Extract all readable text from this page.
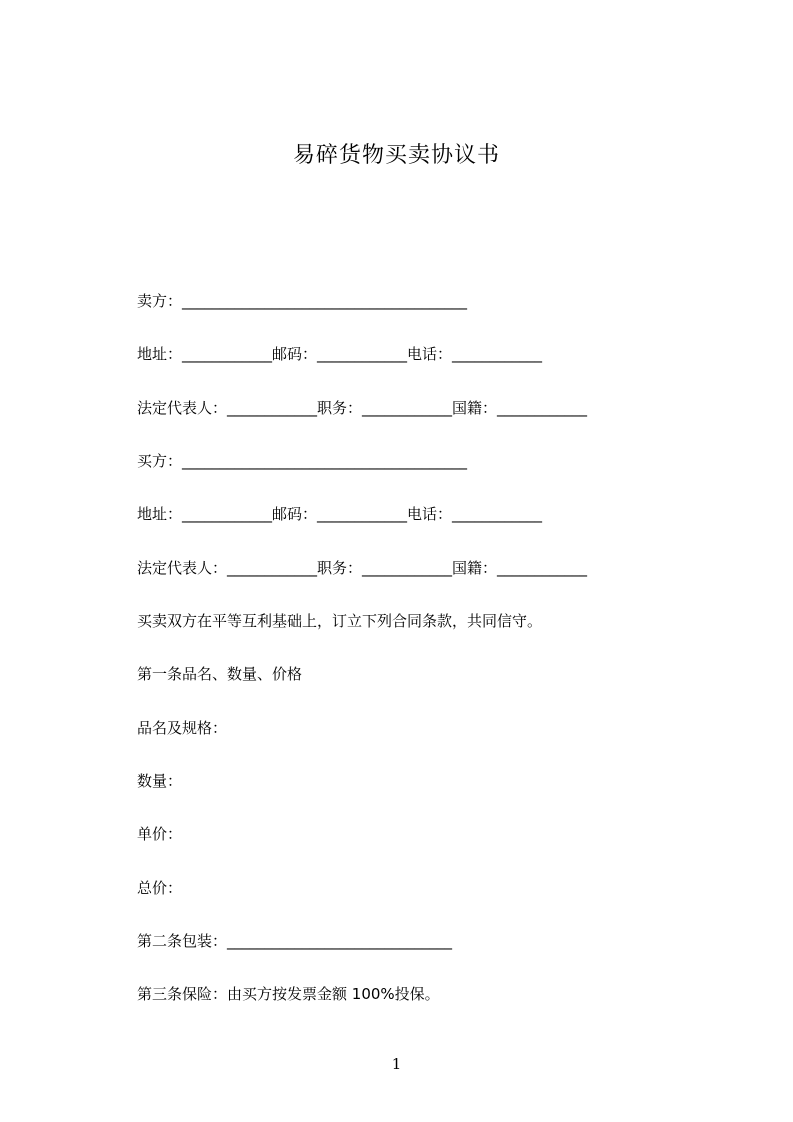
易碎货物买卖协议书
卖方：______________________________________
地址：____________邮码：____________电话：____________
法定代表人：____________职务：____________国籍：____________
买方：______________________________________
地址：____________邮码：____________电话：____________
法定代表人：____________职务：____________国籍：____________
买卖双方在平等互利基础上，订立下列合同条款，共同信守。
第一条品名、数量、价格
品名及规格：
数量：
单价：
总价：
第二条包装：______________________________
第三条保险：由买方按发票金额 100%投保。
1
